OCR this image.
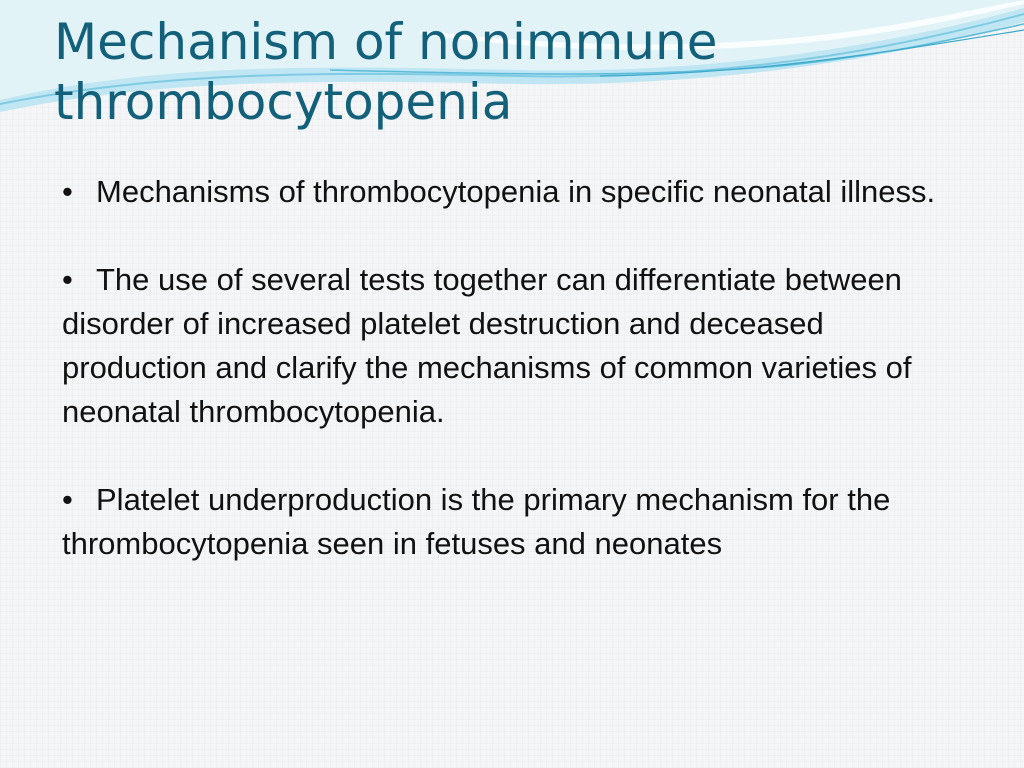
Mechanism of nonimmune thrombocytopenia

• Mechanisms of thrombocytopenia in specific neonatal illness.

• The use of several tests together can differentiate between disorder of increased platelet destruction and deceased production and clarify the mechanisms of common varieties of neonatal thrombocytopenia.

• Platelet underproduction is the primary mechanism for the thrombocytopenia seen in fetuses and neonates
